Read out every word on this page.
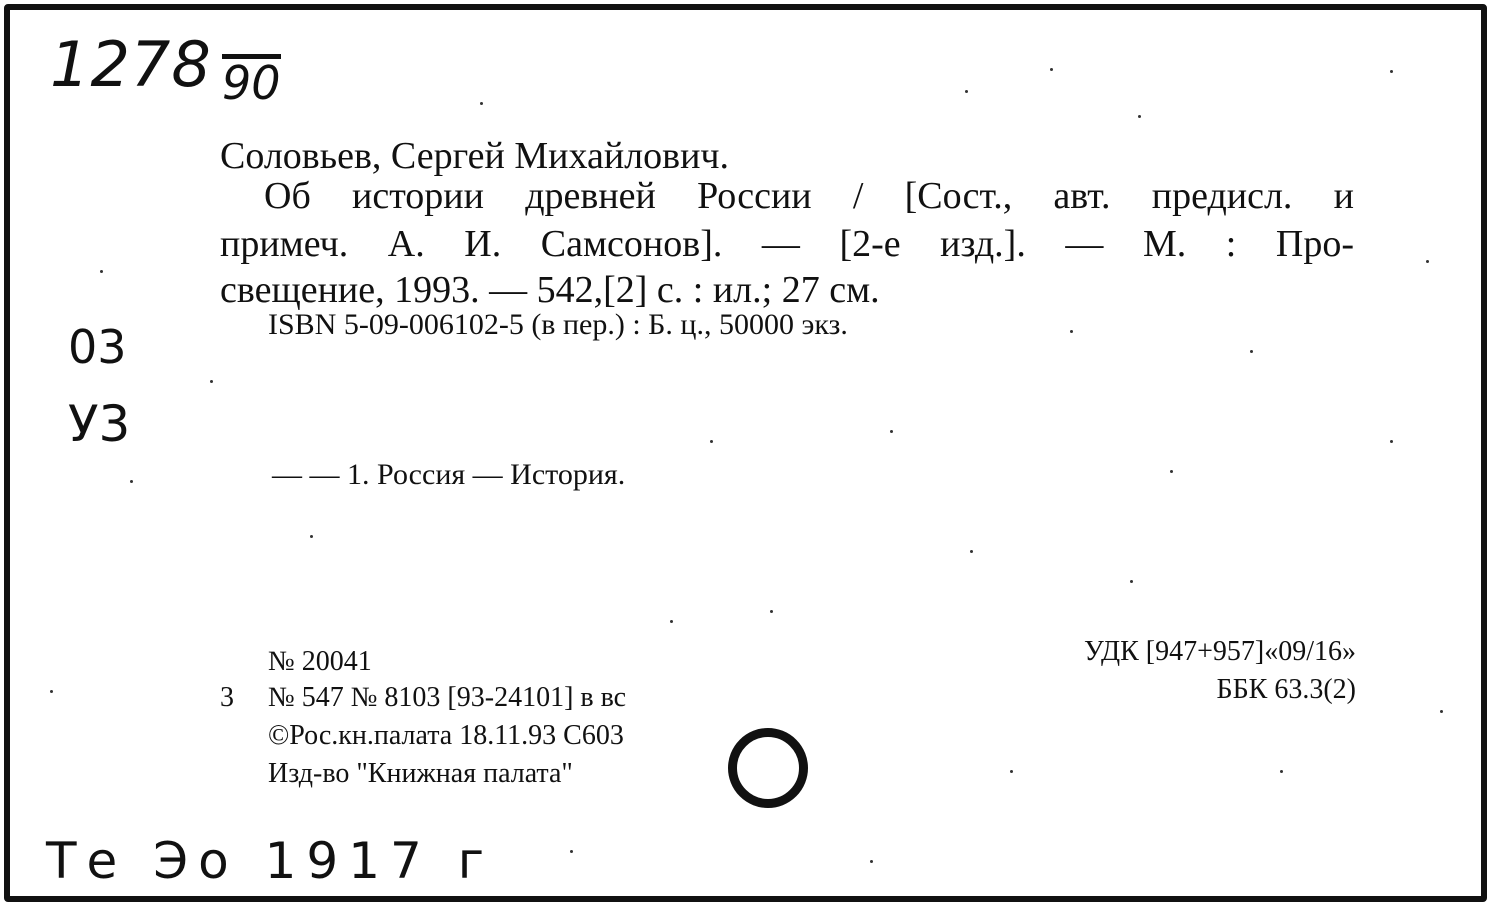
1278 90
Соловьев, Сергей Михайлович.
Об истории древней России / [Сост., авт. предисл. и
примеч. А. И. Самсонов]. — [2-е изд.]. — М. : Про-
свещение, 1993. — 542,[2] с. : ил.; 27 см.
ISBN 5-09-006102-5 (в пер.) : Б. ц., 50000 экз.
03
У3
— — 1. Россия — История.
№ 20041
3 № 547 № 8103 [93-24101] в вс
©Рос.кн.палата 18.11.93 С603
Изд-во "Книжная палата"
УДК [947+957]«09/16»
ББК 63.3(2)
Те Эо 1917 г
